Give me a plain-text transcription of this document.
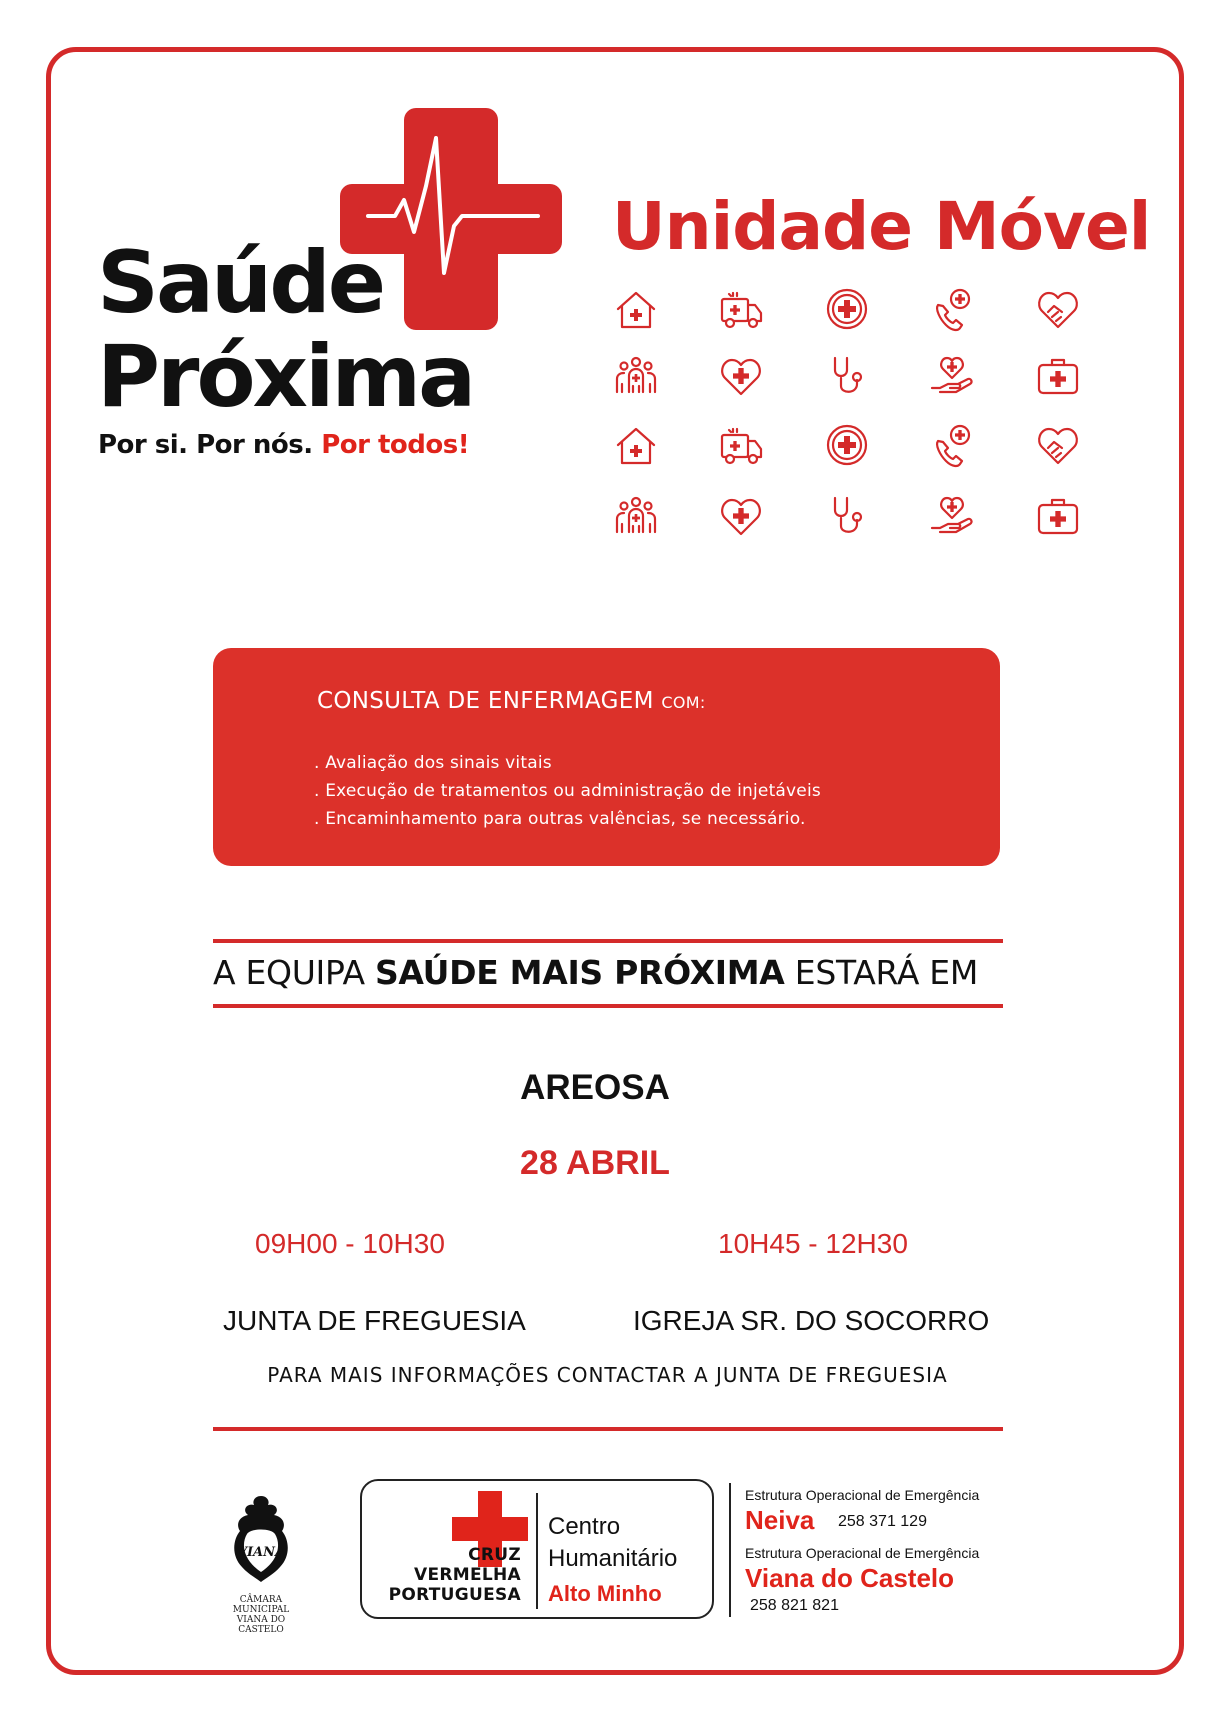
Saúde
Próxima
Por si. Por nós. Por todos!
Unidade Móvel
CONSULTA DE ENFERMAGEM COM:
. Avaliação dos sinais vitais
. Execução de tratamentos ou administração de injetáveis
. Encaminhamento para outras valências, se necessário.
A EQUIPA SAÚDE MAIS PRÓXIMA ESTARÁ EM
AREOSA
28 ABRIL
09H00 - 10H30	10H45 - 12H30
JUNTA DE FREGUESIA	IGREJA SR. DO SOCORRO
PARA MAIS INFORMAÇÕES CONTACTAR A JUNTA DE FREGUESIA
VIANA
CÂMARA MUNICIPAL
VIANA DO CASTELO
CRUZ
VERMELHA
PORTUGUESA
Centro
Humanitário
Alto Minho
Estrutura Operacional de Emergência
Neiva 258 371 129
Estrutura Operacional de Emergência
Viana do Castelo
258 821 821
